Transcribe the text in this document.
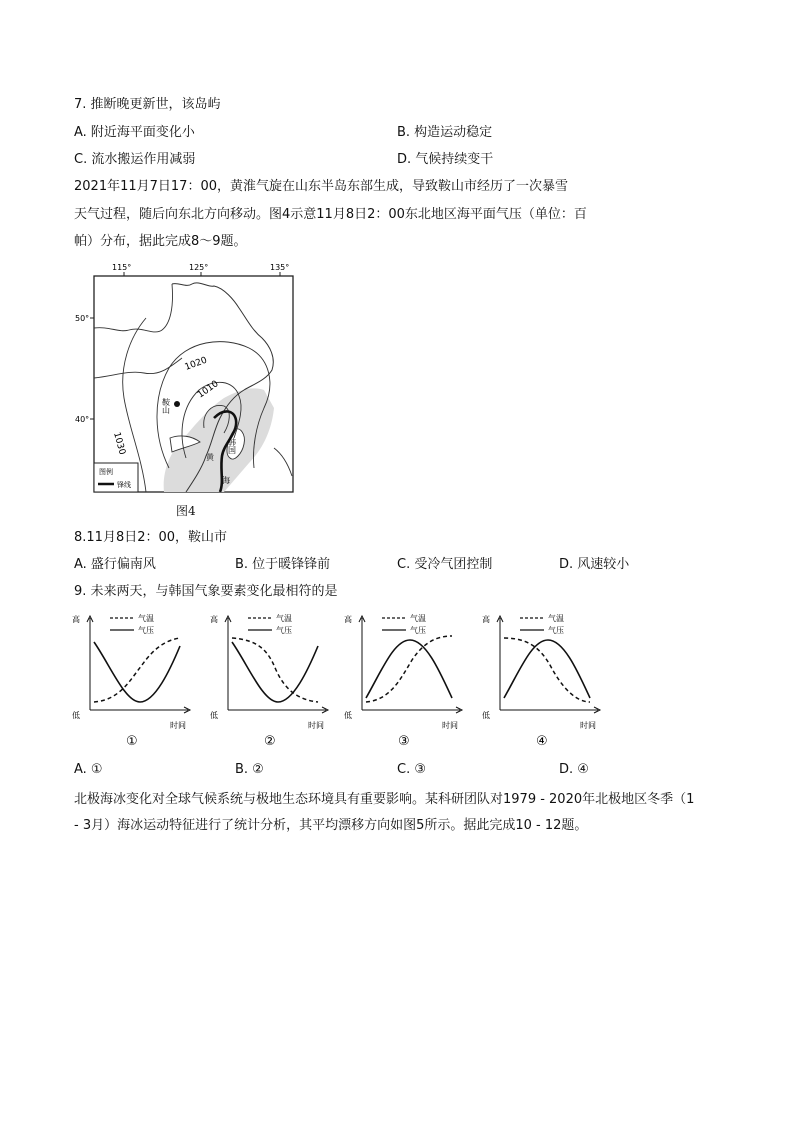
7. 推断晚更新世，该岛屿
A. 附近海平面变化小	B. 构造运动稳定
C. 流水搬运作用减弱	D. 气候持续变干
2021年11月7日17：00，黄淮气旋在山东半岛东部生成，导致鞍山市经历了一次暴雪
天气过程，随后向东北方向移动。图4示意11月8日2：00东北地区海平面气压（单位：百
帕）分布，据此完成8～9题。
115°	125°	135°
50°
40°
1020
1010
1030
鞍山
韩国
黄
海
图例
锋线
图4
8.11月8日2：00，鞍山市
A. 盛行偏南风	B. 位于暖锋锋前	C. 受冷气团控制	D. 风速较小
9. 未来两天，与韩国气象要素变化最相符的是
高
低
时间
气温
气压
①
高
低
时间
气温
气压
②
高
低
时间
气温
气压
③
高
低
时间
气温
气压
④
A. ①	B. ②	C. ③	D. ④
北极海冰变化对全球气候系统与极地生态环境具有重要影响。某科研团队对1979 - 2020年北极地区冬季（1
- 3月）海冰运动特征进行了统计分析，其平均漂移方向如图5所示。据此完成10 - 12题。
